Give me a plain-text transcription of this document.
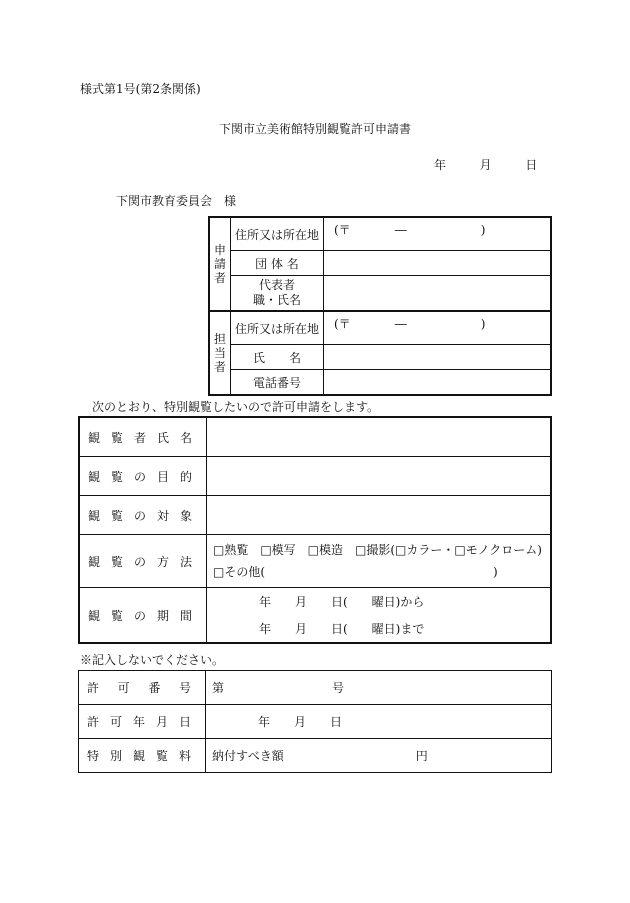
様式第1号(第2条関係)
下関市立美術館特別観覧許可申請書
年	月	日
下関市教育委員会　様
申
請
者	住所又は所在地	(〒 ― )

	団 体 名	

	代表者
職・氏名	

担
当
者	住所又は所在地	(〒 ― )

	氏　　名	
	電話番号	
次のとおり、特別観覧したいので許可申請をします。
観 覧 者 氏 名	

観 覧 の 目 的	

観 覧 の 対 象	

観 覧 の 方 法	□熟覧　□模写　□模造　□撮影(□カラー・□モノクローム)
□その他(　　　　　　　　　　　　　　　　　　　)

観 覧 の 期 間	年　　月　　日(　　曜日)から
年　　月　　日(　　曜日)まで
※記入しないでください。
許 可 番 号	第　　　　　　　　　号

許 可 年 月 日	年　　月　　日

特 別 観 覧 料	納付すべき額　　　　　　　　　　　円
